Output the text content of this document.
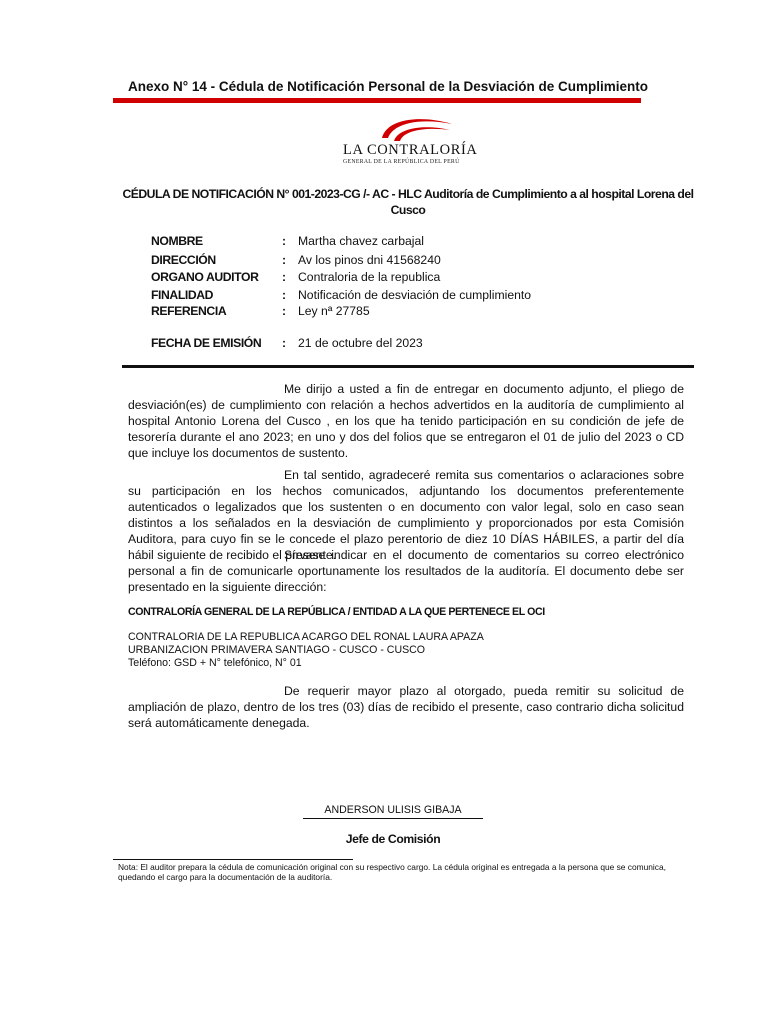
Anexo N° 14 - Cédula de Notificación Personal de la Desviación de Cumplimiento
LA CONTRALORÍA
GENERAL DE LA REPÚBLICA DEL PERÚ
CÉDULA DE NOTIFICACIÓN N° 001-2023-CG /- AC - HLC Auditoría de Cumplimiento a al hospital Lorena del Cusco
NOMBRE	: Martha chavez carbajal
DIRECCIÓN	: Av los pinos dni 41568240
ORGANO AUDITOR : Contraloria de la republica
FINALIDAD	: Notificación de desviación de cumplimiento
REFERENCIA	: Ley nª 27785
FECHA DE EMISIÓN : 21 de octubre del 2023

Me dirijo a usted a fin de entregar en documento adjunto, el pliego de desviación(es) de cumplimiento con relación a hechos advertidos en la auditoría de cumplimiento al hospital Antonio Lorena del Cusco , en los que ha tenido participación en su condición de jefe de tesorería durante el ano 2023; en uno y dos del folios que se entregaron el 01 de julio del 2023 o CD que incluye los documentos de sustento.

En tal sentido, agradeceré remita sus comentarios o aclaraciones sobre su participación en los hechos comunicados, adjuntando los documentos preferentemente autenticados o legalizados que los sustenten o en documento con valor legal, solo en caso sean distintos a los señalados en la desviación de cumplimiento y proporcionados por esta Comisión Auditora, para cuyo fin se le concede el plazo perentorio de diez 10 DÍAS HÁBILES, a partir del día hábil siguiente de recibido el presente.

Sírvase indicar en el documento de comentarios su correo electrónico personal a fin de comunicarle oportunamente los resultados de la auditoría. El documento debe ser presentado en la siguiente dirección:

CONTRALORÍA GENERAL DE LA REPÚBLICA / ENTIDAD A LA QUE PERTENECE EL OCI
CONTRALORIA DE LA REPUBLICA ACARGO DEL RONAL LAURA APAZA
URBANIZACION PRIMAVERA SANTIAGO - CUSCO - CUSCO
Teléfono: GSD + N° telefónico, N° 01

De requerir mayor plazo al otorgado, pueda remitir su solicitud de ampliación de plazo, dentro de los tres (03) días de recibido el presente, caso contrario dicha solicitud será automáticamente denegada.

ANDERSON ULISIS GIBAJA
Jefe de Comisión
Nota: El auditor prepara la cédula de comunicación original con su respectivo cargo. La cédula original es entregada a la persona que se comunica, quedando el cargo para la documentación de la auditoría.
